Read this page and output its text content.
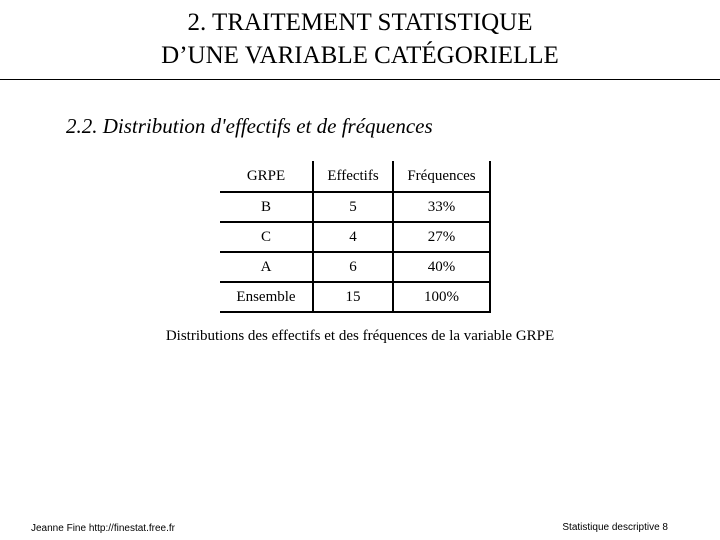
2. TRAITEMENT STATISTIQUE
D’UNE VARIABLE CATÉGORIELLE
2.2. Distribution d'effectifs et de fréquences
GRPE	Effectifs	Fréquences
B	5	33%
C	4	27%
A	6	40%
Ensemble	15	100%
Distributions des effectifs et des fréquences de la variable GRPE
Jeanne Fine http://finestat.free.fr	Statistique descriptive 8
